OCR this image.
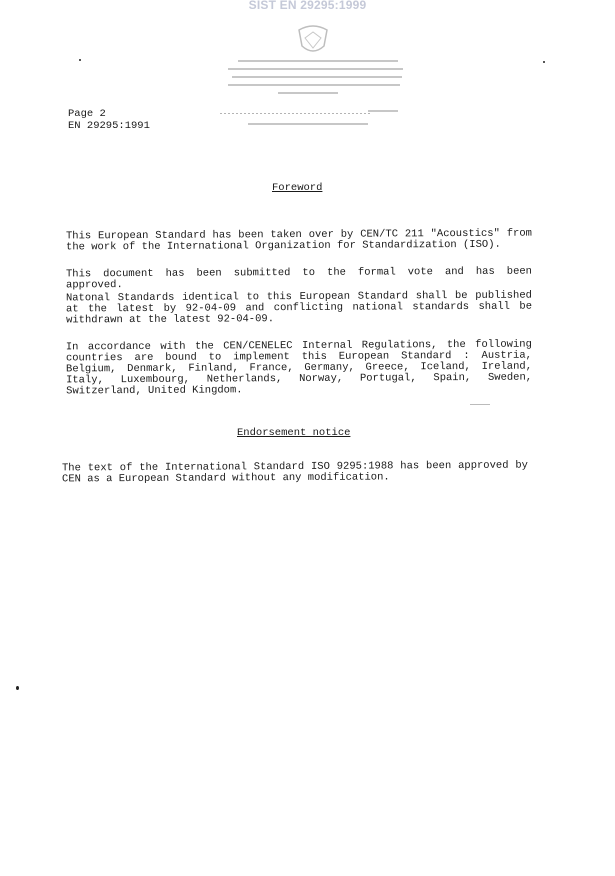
SIST EN 29295:1999
Page 2
EN 29295:1991
Foreword
This European Standard has been taken over by CEN/TC 211 "Acoustics" from the work of the International Organization for Standardization (ISO).
This document has been submitted to the formal vote and has been approved.
Natonal Standards identical to this European Standard shall be published at the latest by 92-04-09 and conflicting national standards shall be withdrawn at the latest 92-04-09.
In accordance with the CEN/CENELEC Internal Regulations, the following countries are bound to implement this European Standard : Austria, Belgium, Denmark, Finland, France, Germany, Greece, Iceland, Ireland, Italy, Luxembourg, Netherlands, Norway, Portugal, Spain, Sweden, Switzerland, United Kingdom.
Endorsement notice
The text of the International Standard ISO 9295:1988 has been approved by CEN as a European Standard without any modification.
